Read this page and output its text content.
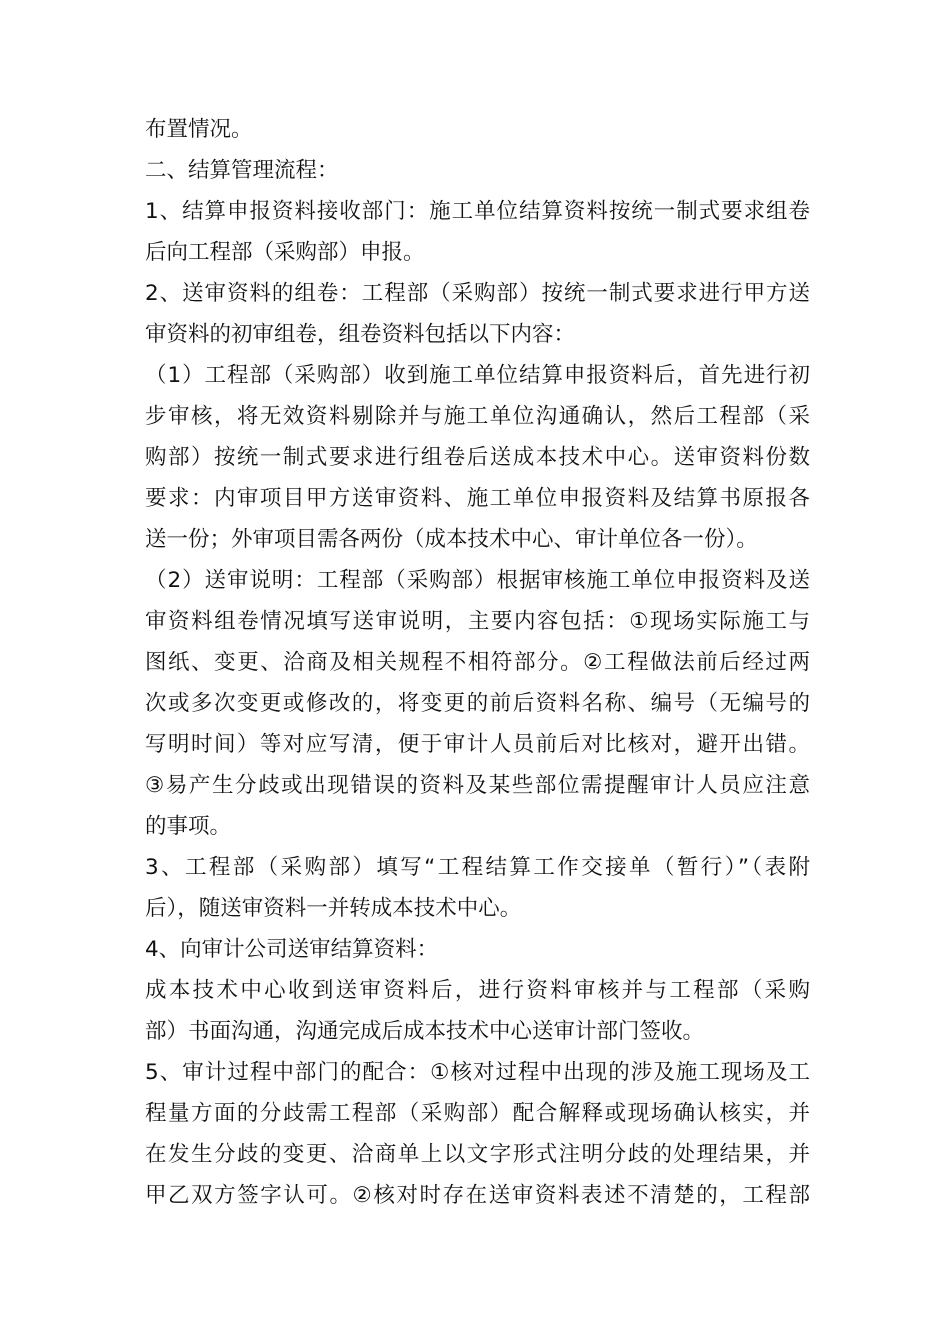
布置情况。
二、结算管理流程：
1、结算申报资料接收部门：施工单位结算资料按统一制式要求组卷
后向工程部（采购部）申报。
2、送审资料的组卷：工程部（采购部）按统一制式要求进行甲方送
审资料的初审组卷，组卷资料包括以下内容：
（1）工程部（采购部）收到施工单位结算申报资料后，首先进行初
步审核，将无效资料剔除并与施工单位沟通确认，然后工程部（采
购部）按统一制式要求进行组卷后送成本技术中心。送审资料份数
要求：内审项目甲方送审资料、施工单位申报资料及结算书原报各
送一份；外审项目需各两份（成本技术中心、审计单位各一份）。
（2）送审说明：工程部（采购部）根据审核施工单位申报资料及送
审资料组卷情况填写送审说明，主要内容包括：①现场实际施工与
图纸、变更、洽商及相关规程不相符部分。②工程做法前后经过两
次或多次变更或修改的，将变更的前后资料名称、编号（无编号的
写明时间）等对应写清，便于审计人员前后对比核对，避开出错。
③易产生分歧或出现错误的资料及某些部位需提醒审计人员应注意
的事项。
3、工程部（采购部）填写“工程结算工作交接单（暂行）”（表附
后），随送审资料一并转成本技术中心。
4、向审计公司送审结算资料：
成本技术中心收到送审资料后，进行资料审核并与工程部（采购
部）书面沟通，沟通完成后成本技术中心送审计部门签收。
5、审计过程中部门的配合：①核对过程中出现的涉及施工现场及工
程量方面的分歧需工程部（采购部）配合解释或现场确认核实，并
在发生分歧的变更、洽商单上以文字形式注明分歧的处理结果，并
甲乙双方签字认可。②核对时存在送审资料表述不清楚的，工程部
